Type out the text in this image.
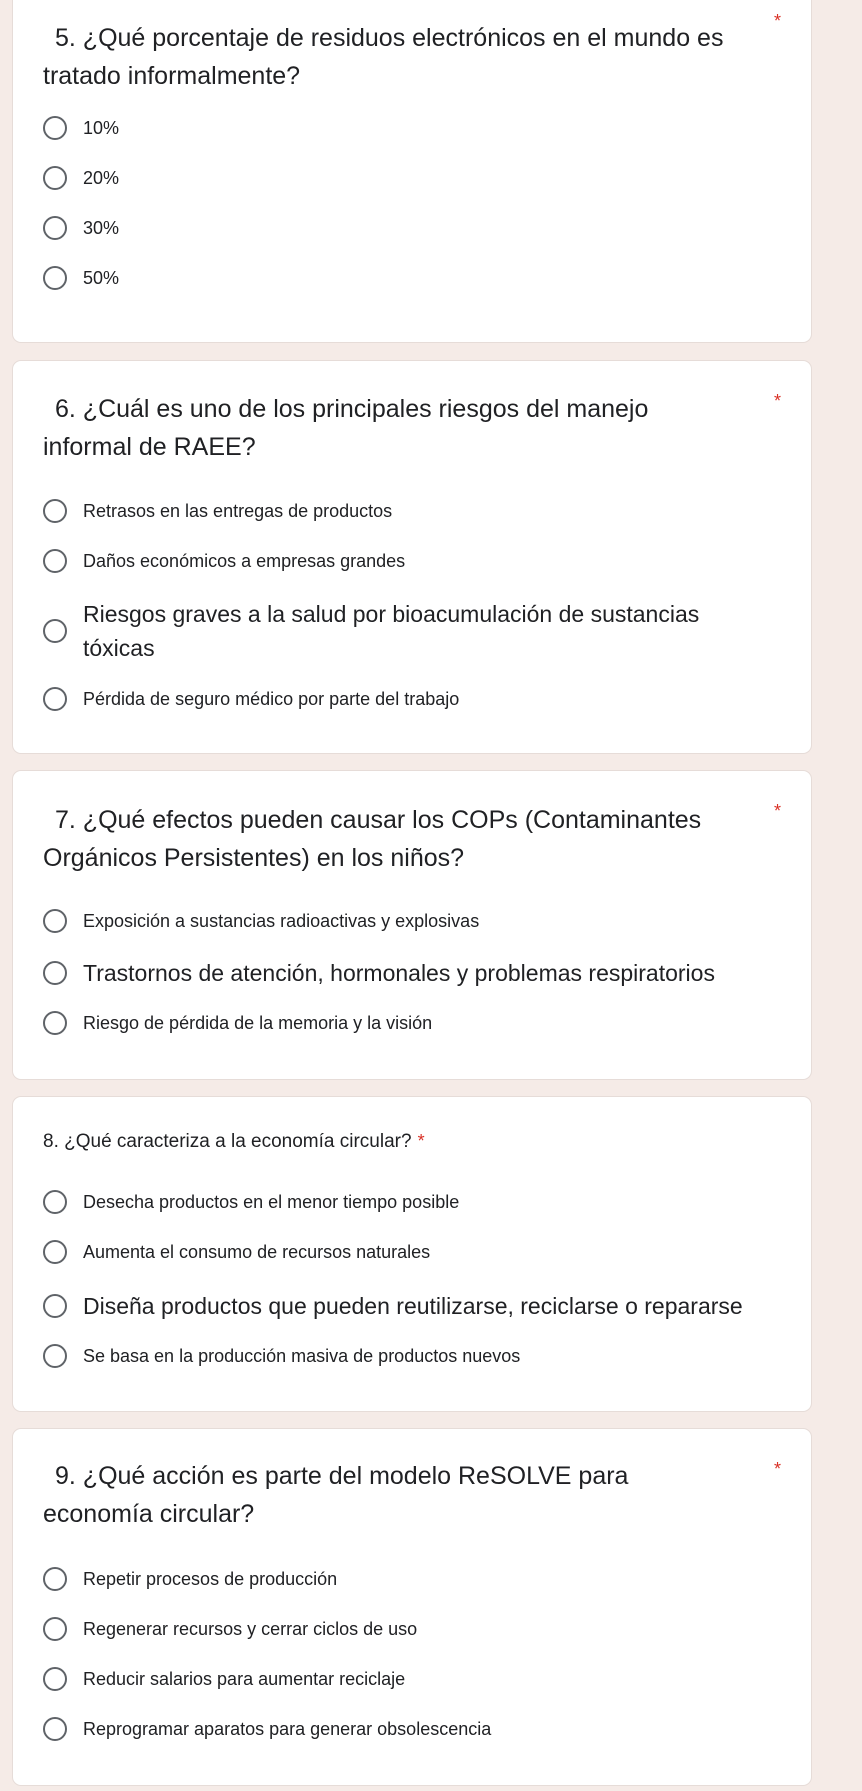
5. ¿Qué porcentaje de residuos electrónicos en el mundo es tratado informalmente?
*
10%
20%
30%
50%
6. ¿Cuál es uno de los principales riesgos del manejo informal de RAEE?
*
Retrasos en las entregas de productos
Daños económicos a empresas grandes
Riesgos graves a la salud por bioacumulación de sustancias tóxicas
Pérdida de seguro médico por parte del trabajo
7. ¿Qué efectos pueden causar los COPs (Contaminantes Orgánicos Persistentes) en los niños?
*
Exposición a sustancias radioactivas y explosivas
Trastornos de atención, hormonales y problemas respiratorios
Riesgo de pérdida de la memoria y la visión
8. ¿Qué caracteriza a la economía circular? *
Desecha productos en el menor tiempo posible
Aumenta el consumo de recursos naturales
Diseña productos que pueden reutilizarse, reciclarse o repararse
Se basa en la producción masiva de productos nuevos
9. ¿Qué acción es parte del modelo ReSOLVE para economía circular?
*
Repetir procesos de producción
Regenerar recursos y cerrar ciclos de uso
Reducir salarios para aumentar reciclaje
Reprogramar aparatos para generar obsolescencia
